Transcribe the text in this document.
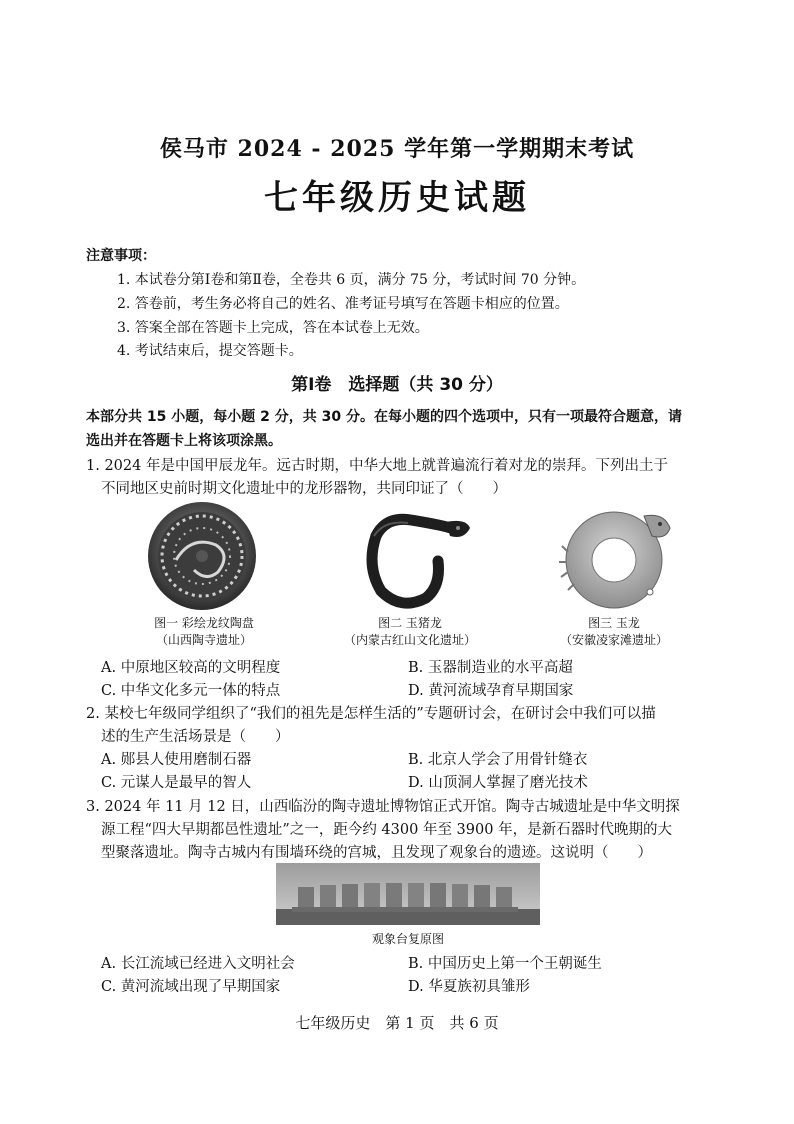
侯马市 2024 - 2025 学年第一学期期末考试
七年级历史试题
注意事项：
1. 本试卷分第Ⅰ卷和第Ⅱ卷，全卷共 6 页，满分 75 分，考试时间 70 分钟。
2. 答卷前，考生务必将自己的姓名、准考证号填写在答题卡相应的位置。
3. 答案全部在答题卡上完成，答在本试卷上无效。
4. 考试结束后，提交答题卡。
第Ⅰ卷　选择题（共 30 分）
本部分共 15 小题，每小题 2 分，共 30 分。在每小题的四个选项中，只有一项最符合题意，请
选出并在答题卡上将该项涂黑。
1. 2024 年是中国甲辰龙年。远古时期，中华大地上就普遍流行着对龙的崇拜。下列出土于
不同地区史前时期文化遗址中的龙形器物，共同印证了（　　）
图一 彩绘龙纹陶盘
（山西陶寺遗址）
图二 玉猪龙
（内蒙古红山文化遗址）
图三 玉龙
（安徽凌家滩遗址）
A. 中原地区较高的文明程度	B. 玉器制造业的水平高超
C. 中华文化多元一体的特点	D. 黄河流域孕育早期国家
2. 某校七年级同学组织了“我们的祖先是怎样生活的”专题研讨会，在研讨会中我们可以描
述的生产生活场景是（　　）
A. 郧县人使用磨制石器	B. 北京人学会了用骨针缝衣
C. 元谋人是最早的智人	D. 山顶洞人掌握了磨光技术
3. 2024 年 11 月 12 日，山西临汾的陶寺遗址博物馆正式开馆。陶寺古城遗址是中华文明探
源工程“四大早期都邑性遗址”之一，距今约 4300 年至 3900 年，是新石器时代晚期的大
型聚落遗址。陶寺古城内有围墙环绕的宫城，且发现了观象台的遗迹。这说明（　　）
观象台复原图
A. 长江流域已经进入文明社会	B. 中国历史上第一个王朝诞生
C. 黄河流域出现了早期国家	D. 华夏族初具雏形
七年级历史　第 1 页　共 6 页
